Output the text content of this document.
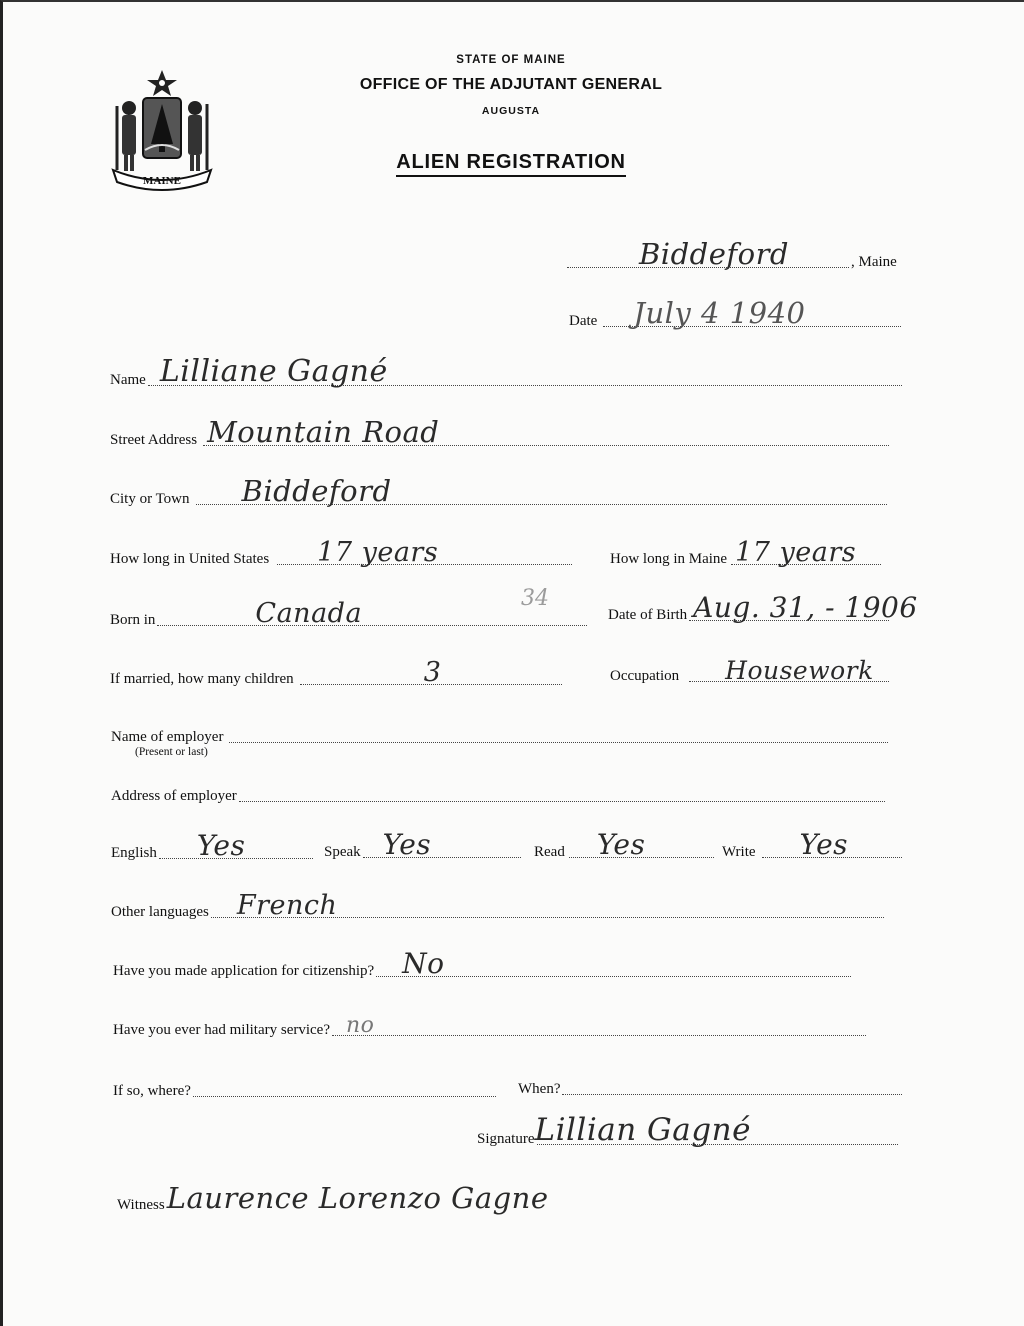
MAINE
STATE OF MAINE
OFFICE OF THE ADJUTANT GENERAL
AUGUSTA
ALIEN REGISTRATION
Biddeford	, Maine
Date July 4 1940
Name Lilliane Gagné
Street Address Mountain Road
City or Town Biddeford
How long in United States 17 years	How long in Maine 17 years
Born in	Canada	34
Date of Birth Aug. 31, - 1906
If married, how many children	3	Occupation Housework
Name of employer
(Present or last)
Address of employer
English Yes	Speak Yes	Read Yes	Write Yes
Other languages French
Have you made application for citizenship? No
Have you ever had military service? no
If so, where?	When?
Signature Lillian Gagné
Witness Laurence Lorenzo Gagne
